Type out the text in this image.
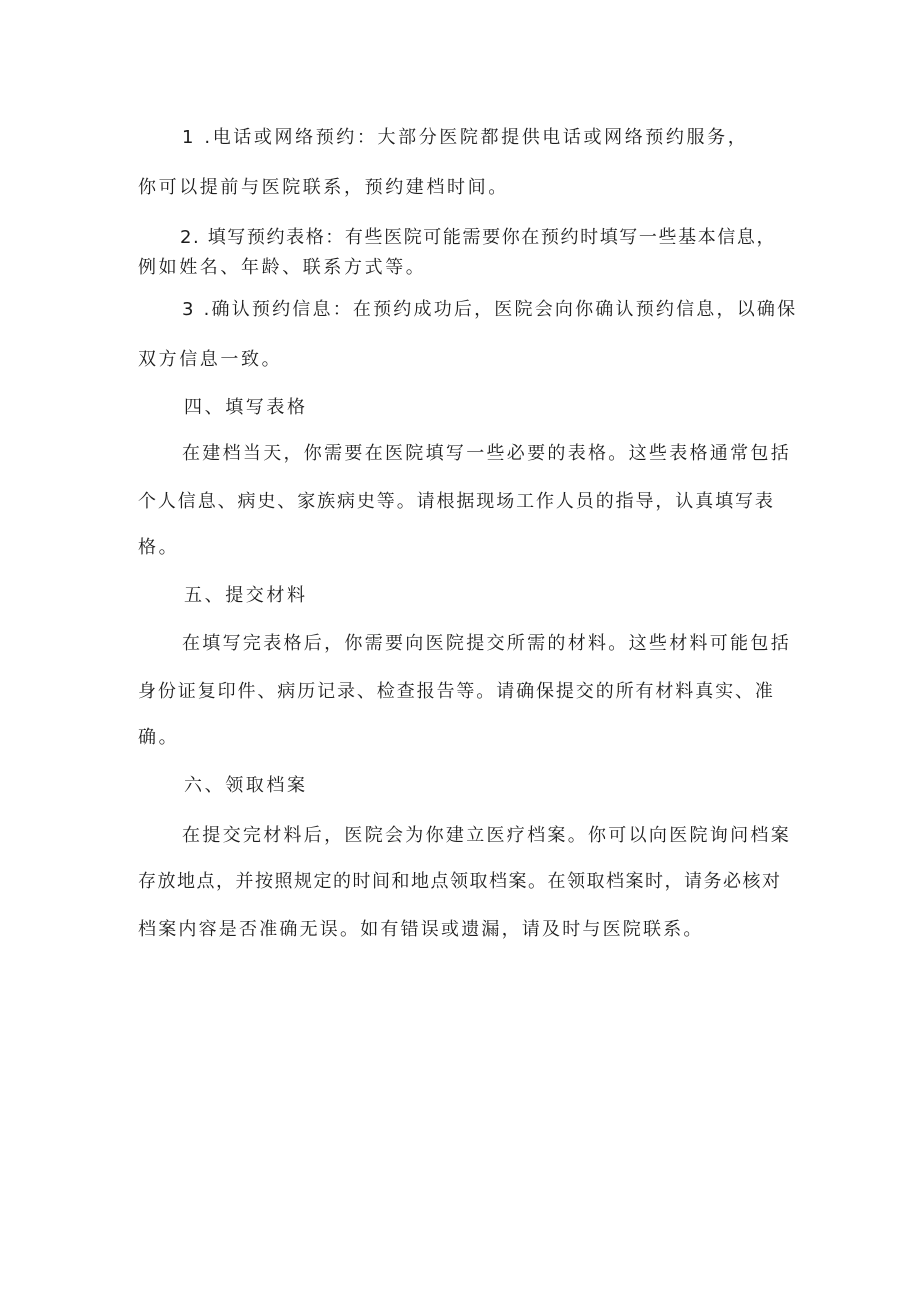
1 .电话或网络预约：大部分医院都提供电话或网络预约服务，
你可以提前与医院联系，预约建档时间。
2. 填写预约表格：有些医院可能需要你在预约时填写一些基本信息，
例如姓名、年龄、联系方式等。
3 .确认预约信息：在预约成功后，医院会向你确认预约信息，以确保
双方信息一致。
四、填写表格
在建档当天，你需要在医院填写一些必要的表格。这些表格通常包括
个人信息、病史、家族病史等。请根据现场工作人员的指导，认真填写表
格。
五、提交材料
在填写完表格后，你需要向医院提交所需的材料。这些材料可能包括
身份证复印件、病历记录、检查报告等。请确保提交的所有材料真实、准
确。
六、领取档案
在提交完材料后，医院会为你建立医疗档案。你可以向医院询问档案
存放地点，并按照规定的时间和地点领取档案。在领取档案时，请务必核对
档案内容是否准确无误。如有错误或遗漏，请及时与医院联系。
